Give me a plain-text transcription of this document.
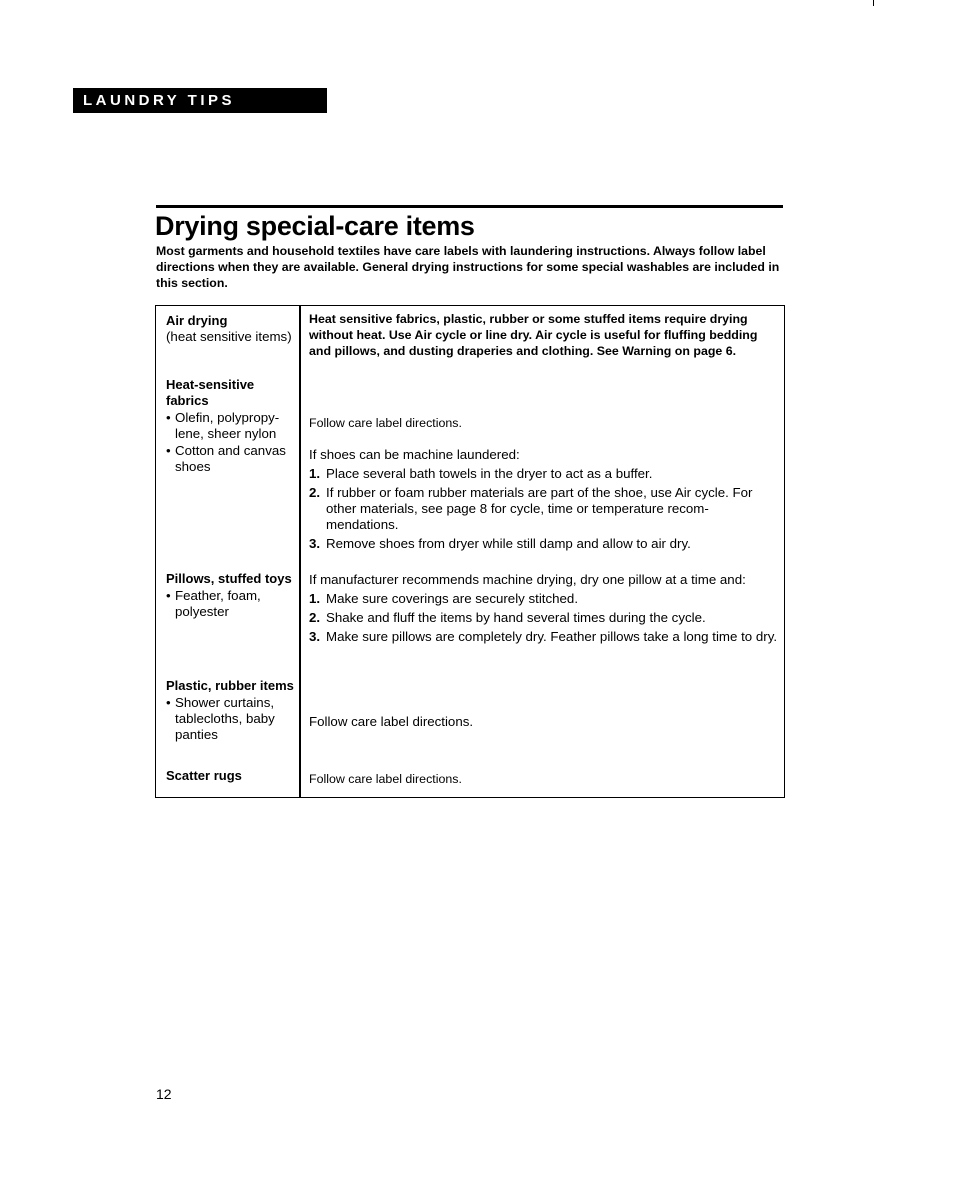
LAUNDRY TIPS
Drying special-care items

Most garments and household textiles have care labels with laundering instructions. Always follow label directions when they are available. General drying instructions for some special washables are included in this section.

Air drying
(heat sensitive items)
Heat sensitive fabrics, plastic, rubber or some stuffed items require drying without heat. Use Air cycle or line dry. Air cycle is useful for fluffing bedding and pillows, and dusting draperies and clothing. See Warning on page 6.
Heat-sensitive fabrics
• Olefin, polypropy-lene, sheer nylon
• Cotton and canvas shoes
Follow care label directions.
If shoes can be machine laundered:
1. Place several bath towels in the dryer to act as a buffer.
2. If rubber or foam rubber materials are part of the shoe, use Air cycle. For other materials, see page 8 for cycle, time or temperature recom-mendations.
3. Remove shoes from dryer while still damp and allow to air dry.
Pillows, stuffed toys
• Feather, foam, polyester
If manufacturer recommends machine drying, dry one pillow at a time and:
1. Make sure coverings are securely stitched.
2. Shake and fluff the items by hand several times during the cycle.
3. Make sure pillows are completely dry. Feather pillows take a long time to dry.
Plastic, rubber items
• Shower curtains, tablecloths, baby panties
Follow care label directions.
Scatter rugs	Follow care label directions.
12
